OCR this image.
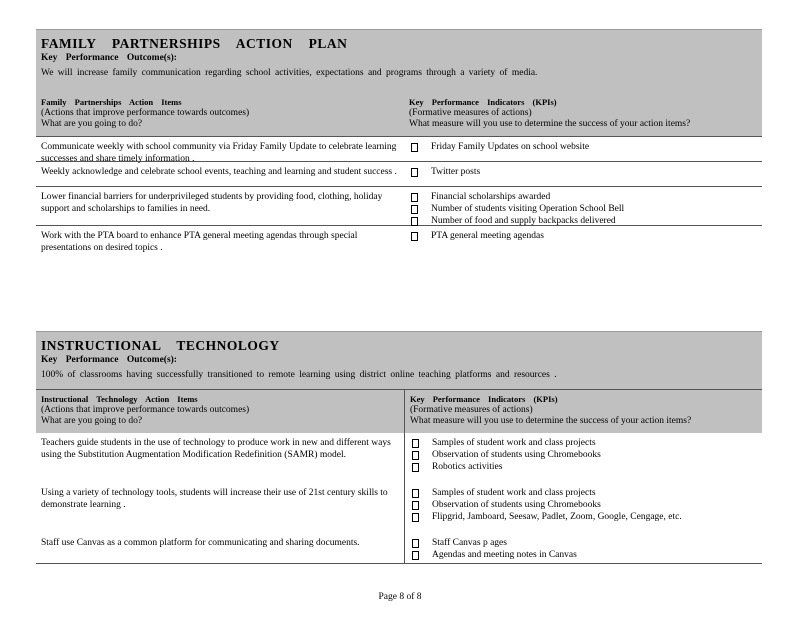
FAMILY PARTNERSHIPS ACTION PLAN
Key Performance Outcome(s):
We will increase family communication regarding school activities, expectations and programs through a variety of media.
Family Partnerships Action Items
(Actions that improve performance towards outcomes)
What are you going to do?
Key Performance Indicators (KPIs)
(Formative measures of actions)
What measure will you use to determine the success of your action items?
Communicate weekly with school community via Friday Family Update to celebrate learning successes and share timely information .
Friday Family Updates on school website
Weekly acknowledge and celebrate school events, teaching and learning and student success .	Twitter posts
Lower financial barriers for underprivileged students by providing food, clothing, holiday support and scholarships to families in need.
Financial scholarships awarded
Number of students visiting Operation School Bell
Number of food and supply backpacks delivered
Work with the PTA board to enhance PTA general meeting agendas through special presentations on desired topics .
PTA general meeting agendas
INSTRUCTIONAL TECHNOLOGY
Key Performance Outcome(s):
100% of classrooms having successfully transitioned to remote learning using district online teaching platforms and resources .
Instructional Technology Action Items
(Actions that improve performance towards outcomes)
What are you going to do?
Key Performance Indicators (KPIs)
(Formative measures of actions)
What measure will you use to determine the success of your action items?
Teachers guide students in the use of technology to produce work in new and different ways using the Substitution Augmentation Modification Redefinition (SAMR) model.
Samples of student work and class projects
Observation of students using Chromebooks
Robotics activities
Using a variety of technology tools, students will increase their use of 21st century skills to demonstrate learning .
Samples of student work and class projects
Observation of students using Chromebooks
Flipgrid, Jamboard, Seesaw, Padlet, Zoom, Google, Cengage, etc.
Staff use Canvas as a common platform for communicating and sharing documents.	Staff Canvas p ages
Agendas and meeting notes in Canvas
Page 8 of 8
